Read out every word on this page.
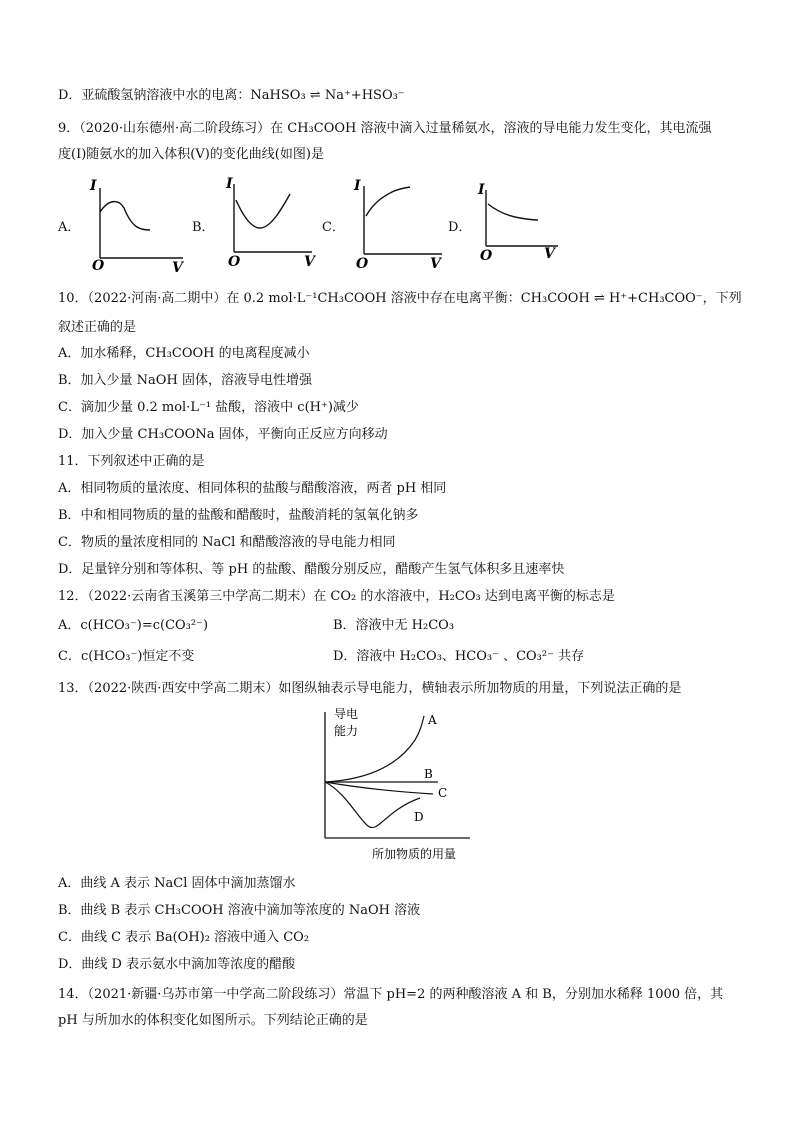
D．亚硫酸氢钠溶液中水的电离：NaHSO₃ ⇌ Na⁺+HSO₃⁻
9．（2020·山东德州·高二阶段练习）在 CH₃COOH 溶液中滴入过量稀氨水，溶液的导电能力发生变化，其电流强
度(I)随氨水的加入体积(V)的变化曲线(如图)是
A．
I
O	V
B．
I
O	V
C．
I
O	V
D．
I
O	V
10．（2022·河南·高二期中）在 0.2 mol·L⁻¹CH₃COOH 溶液中存在电离平衡：CH₃COOH ⇌ H⁺+CH₃COO⁻，下列
叙述正确的是
A．加水稀释，CH₃COOH 的电离程度减小
B．加入少量 NaOH 固体，溶液导电性增强
C．滴加少量 0.2 mol·L⁻¹ 盐酸，溶液中 c(H⁺)减少
D．加入少量 CH₃COONa 固体，平衡向正反应方向移动
11．下列叙述中正确的是
A．相同物质的量浓度、相同体积的盐酸与醋酸溶液，两者 pH 相同
B．中和相同物质的量的盐酸和醋酸时，盐酸消耗的氢氧化钠多
C．物质的量浓度相同的 NaCl 和醋酸溶液的导电能力相同
D．足量锌分别和等体积、等 pH 的盐酸、醋酸分别反应，醋酸产生氢气体积多且速率快
12．（2022·云南省玉溪第三中学高二期末）在 CO₂ 的水溶液中，H₂CO₃ 达到电离平衡的标志是
A．c(HCO₃⁻)=c(CO₃²⁻)	B．溶液中无 H₂CO₃
C．c(HCO₃⁻)恒定不变	D．溶液中 H₂CO₃、HCO₃⁻ 、CO₃²⁻ 共存
13．（2022·陕西·西安中学高二期末）如图纵轴表示导电能力，横轴表示所加物质的用量，下列说法正确的是
导电
能力
A
B
C
D
所加物质的用量
A．曲线 A 表示 NaCl 固体中滴加蒸馏水
B．曲线 B 表示 CH₃COOH 溶液中滴加等浓度的 NaOH 溶液
C．曲线 C 表示 Ba(OH)₂ 溶液中通入 CO₂
D．曲线 D 表示氨水中滴加等浓度的醋酸
14．（2021·新疆·乌苏市第一中学高二阶段练习）常温下 pH=2 的两种酸溶液 A 和 B，分别加水稀释 1000 倍，其
pH 与所加水的体积变化如图所示。下列结论正确的是
